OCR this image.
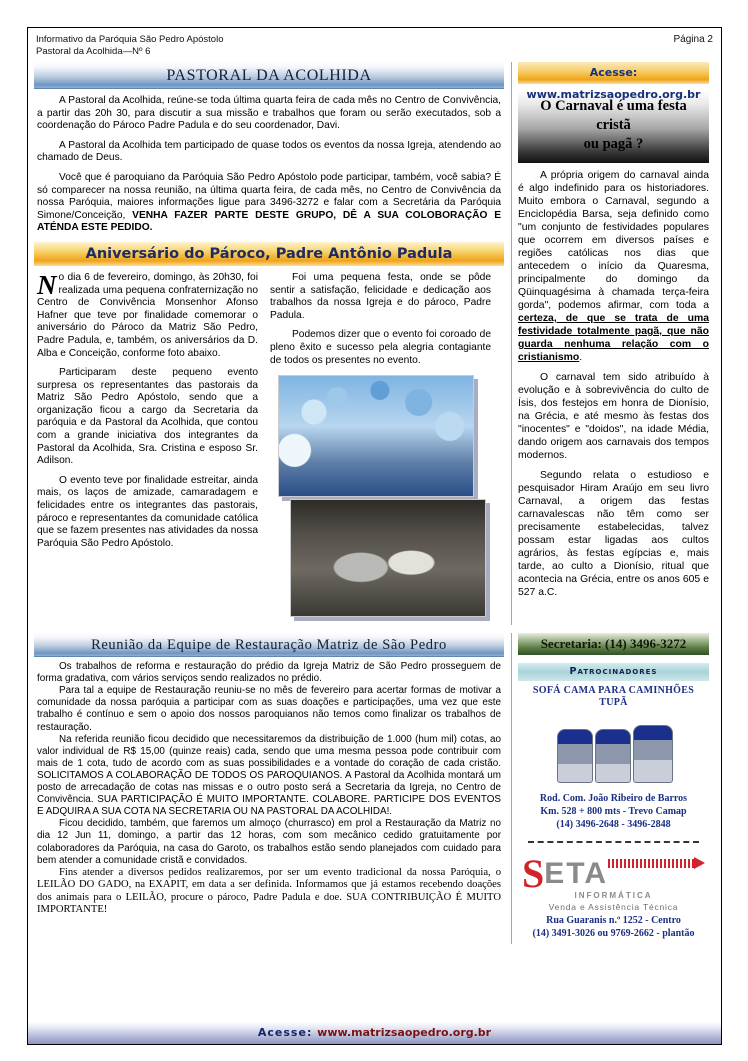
Informativo da Paróquia São Pedro Apóstolo
Pastoral da Acolhida—Nº 6
Página 2
PASTORAL DA ACOLHIDA

A Pastoral da Acolhida, reúne-se toda última quarta feira de cada mês no Centro de Convivência, a partir das 20h 30, para discutir a sua missão e trabalhos que foram ou serão executados, sob a coordenação do Pároco Padre Padula e do seu coordenador, Davi.

A Pastoral da Acolhida tem participado de quase todos os eventos da nossa Igreja, atendendo ao chamado de Deus.

Você que é paroquiano da Paróquia São Pedro Apóstolo pode participar, também, você sabia? É só comparecer na nossa reunião, na última quarta feira, de cada mês, no Centro de Convivência da nossa Paróquia, maiores informações ligue para 3496-3272 e falar com a Secretária da Paróquia Simone/Conceição, VENHA FAZER PARTE DESTE GRUPO, DÊ A SUA COLOBORAÇÃO E ATÉNDA ESTE PEDIDO.

Aniversário do Pároco, Padre Antônio Padula

No dia 6 de fevereiro, domingo, às 20h30, foi realizada uma pequena confraternização no Centro de Convivência Monsenhor Afonso Hafner que teve por finalidade comemorar o aniversário do Pároco da Matriz São Pedro, Padre Padula, e, também, os aniversários da D. Alba e Conceição, conforme foto abaixo.

Participaram deste pequeno evento surpresa os representantes das pastorais da Matriz São Pedro Apóstolo, sendo que a organização ficou a cargo da Secretaria da paróquia e da Pastoral da Acolhida, que contou com a grande iniciativa dos integrantes da Pastoral da Acolhida, Sra. Cristina e esposo Sr. Adilson.

O evento teve por finalidade estreitar, ainda mais, os laços de amizade, camaradagem e felicidades entre os integrantes das pastorais, pároco e representantes da comunidade católica que se fazem presentes nas atividades da nossa Paróquia São Pedro Apóstolo.

Foi uma pequena festa, onde se pôde sentir a satisfação, felicidade e dedicação aos trabalhos da nossa Igreja e do pároco, Padre Padula.

Podemos dizer que o evento foi coroado de pleno êxito e sucesso pela alegria contagiante de todos os presentes no evento.

Acesse: www.matrizsaopedro.org.br
O Carnaval é uma festa cristã
ou pagã ?

A própria origem do carnaval ainda é algo indefinido para os historiadores. Muito embora o Carnaval, segundo a Enciclopédia Barsa, seja definido como "um conjunto de festividades populares que ocorrem em diversos países e regiões católicas nos dias que antecedem o início da Quaresma, principalmente do domingo da Qüinquagésima à chamada terça-feira gorda", podemos afirmar, com toda a certeza, de que se trata de uma festividade totalmente pagã, que não guarda nenhuma relação com o cristianismo.

O carnaval tem sido atribuído à evolução e à sobrevivência do culto de Ísis, dos festejos em honra de Dionísio, na Grécia, e até mesmo às festas dos "inocentes" e "doidos", na idade Média, dando origem aos carnavais dos tempos modernos.

Segundo relata o estudioso e pesquisador Hiram Araújo em seu livro Carnaval, a origem das festas carnavalescas não têm como ser precisamente estabelecidas, talvez possam estar ligadas aos cultos agrários, às festas egípcias e, mais tarde, ao culto a Dionísio, ritual que acontecia na Grécia, entre os anos 605 e 527 a.C.

Reunião da Equipe de Restauração Matriz de São Pedro

Os trabalhos de reforma e restauração do prédio da Igreja Matriz de São Pedro prosseguem de forma gradativa, com vários serviços sendo realizados no prédio.

Para tal a equipe de Restauração reuniu-se no mês de fevereiro para acertar formas de motivar a comunidade da nossa paróquia a participar com as suas doações e participações, uma vez que este trabalho é contínuo e sem o apoio dos nossos paroquianos não temos como finalizar os trabalhos de restauração.

Na referida reunião ficou decidido que necessitaremos da distribuição de 1.000 (hum mil) cotas, ao valor individual de R$ 15,00 (quinze reais) cada, sendo que uma mesma pessoa pode contribuir com mais de 1 cota, tudo de acordo com as suas possibilidades e a vontade do coração de cada cristão. SOLICITAMOS A COLABORAÇÃO DE TODOS OS PAROQUIANOS. A Pastoral da Acolhida montará um posto de arrecadação de cotas nas missas e o outro posto será a Secretaria da Igreja, no Centro de Convivência. SUA PARTICIPAÇÃO É MUITO IMPORTANTE. COLABORE. PARTICIPE DOS EVENTOS E ADQUIRA A SUA COTA NA SECRETARIA OU NA PASTORAL DA ACOLHIDA!.

Ficou decidido, também, que faremos um almoço (churrasco) em prol a Restauração da Matriz no dia 12 Jun 11, domingo, a partir das 12 horas, com som mecânico cedido gratuitamente por colaboradores da Paróquia, na casa do Garoto, os trabalhos estão sendo planejados com cuidado para bem atender a comunidade cristã e convidados.

Fins atender a diversos pedidos realizaremos, por ser um evento tradicional da nossa Paróquia, o LEILÃO DO GADO, na EXAPIT, em data a ser definida. Informamos que já estamos recebendo doações dos animais para o LEILÃO, procure o pároco, Padre Padula e doe. SUA CONTRIBUIÇÃO É MUITO IMPORTANTE!

Secretaria: (14) 3496-3272
Patrocinadores
SOFÁ CAMA PARA CAMINHÕES TUPÃ
Rod. Com. João Ribeiro de Barros
Km. 528 + 800 mts - Trevo Camap
(14) 3496-2648 - 3496-2848
S ETA
INFORMÁTICA
Venda e Assistência Técnica
Rua Guaranis n.º 1252 - Centro
(14) 3491-3026 ou 9769-2662 - plantão
Acesse: www.matrizsaopedro.org.br
